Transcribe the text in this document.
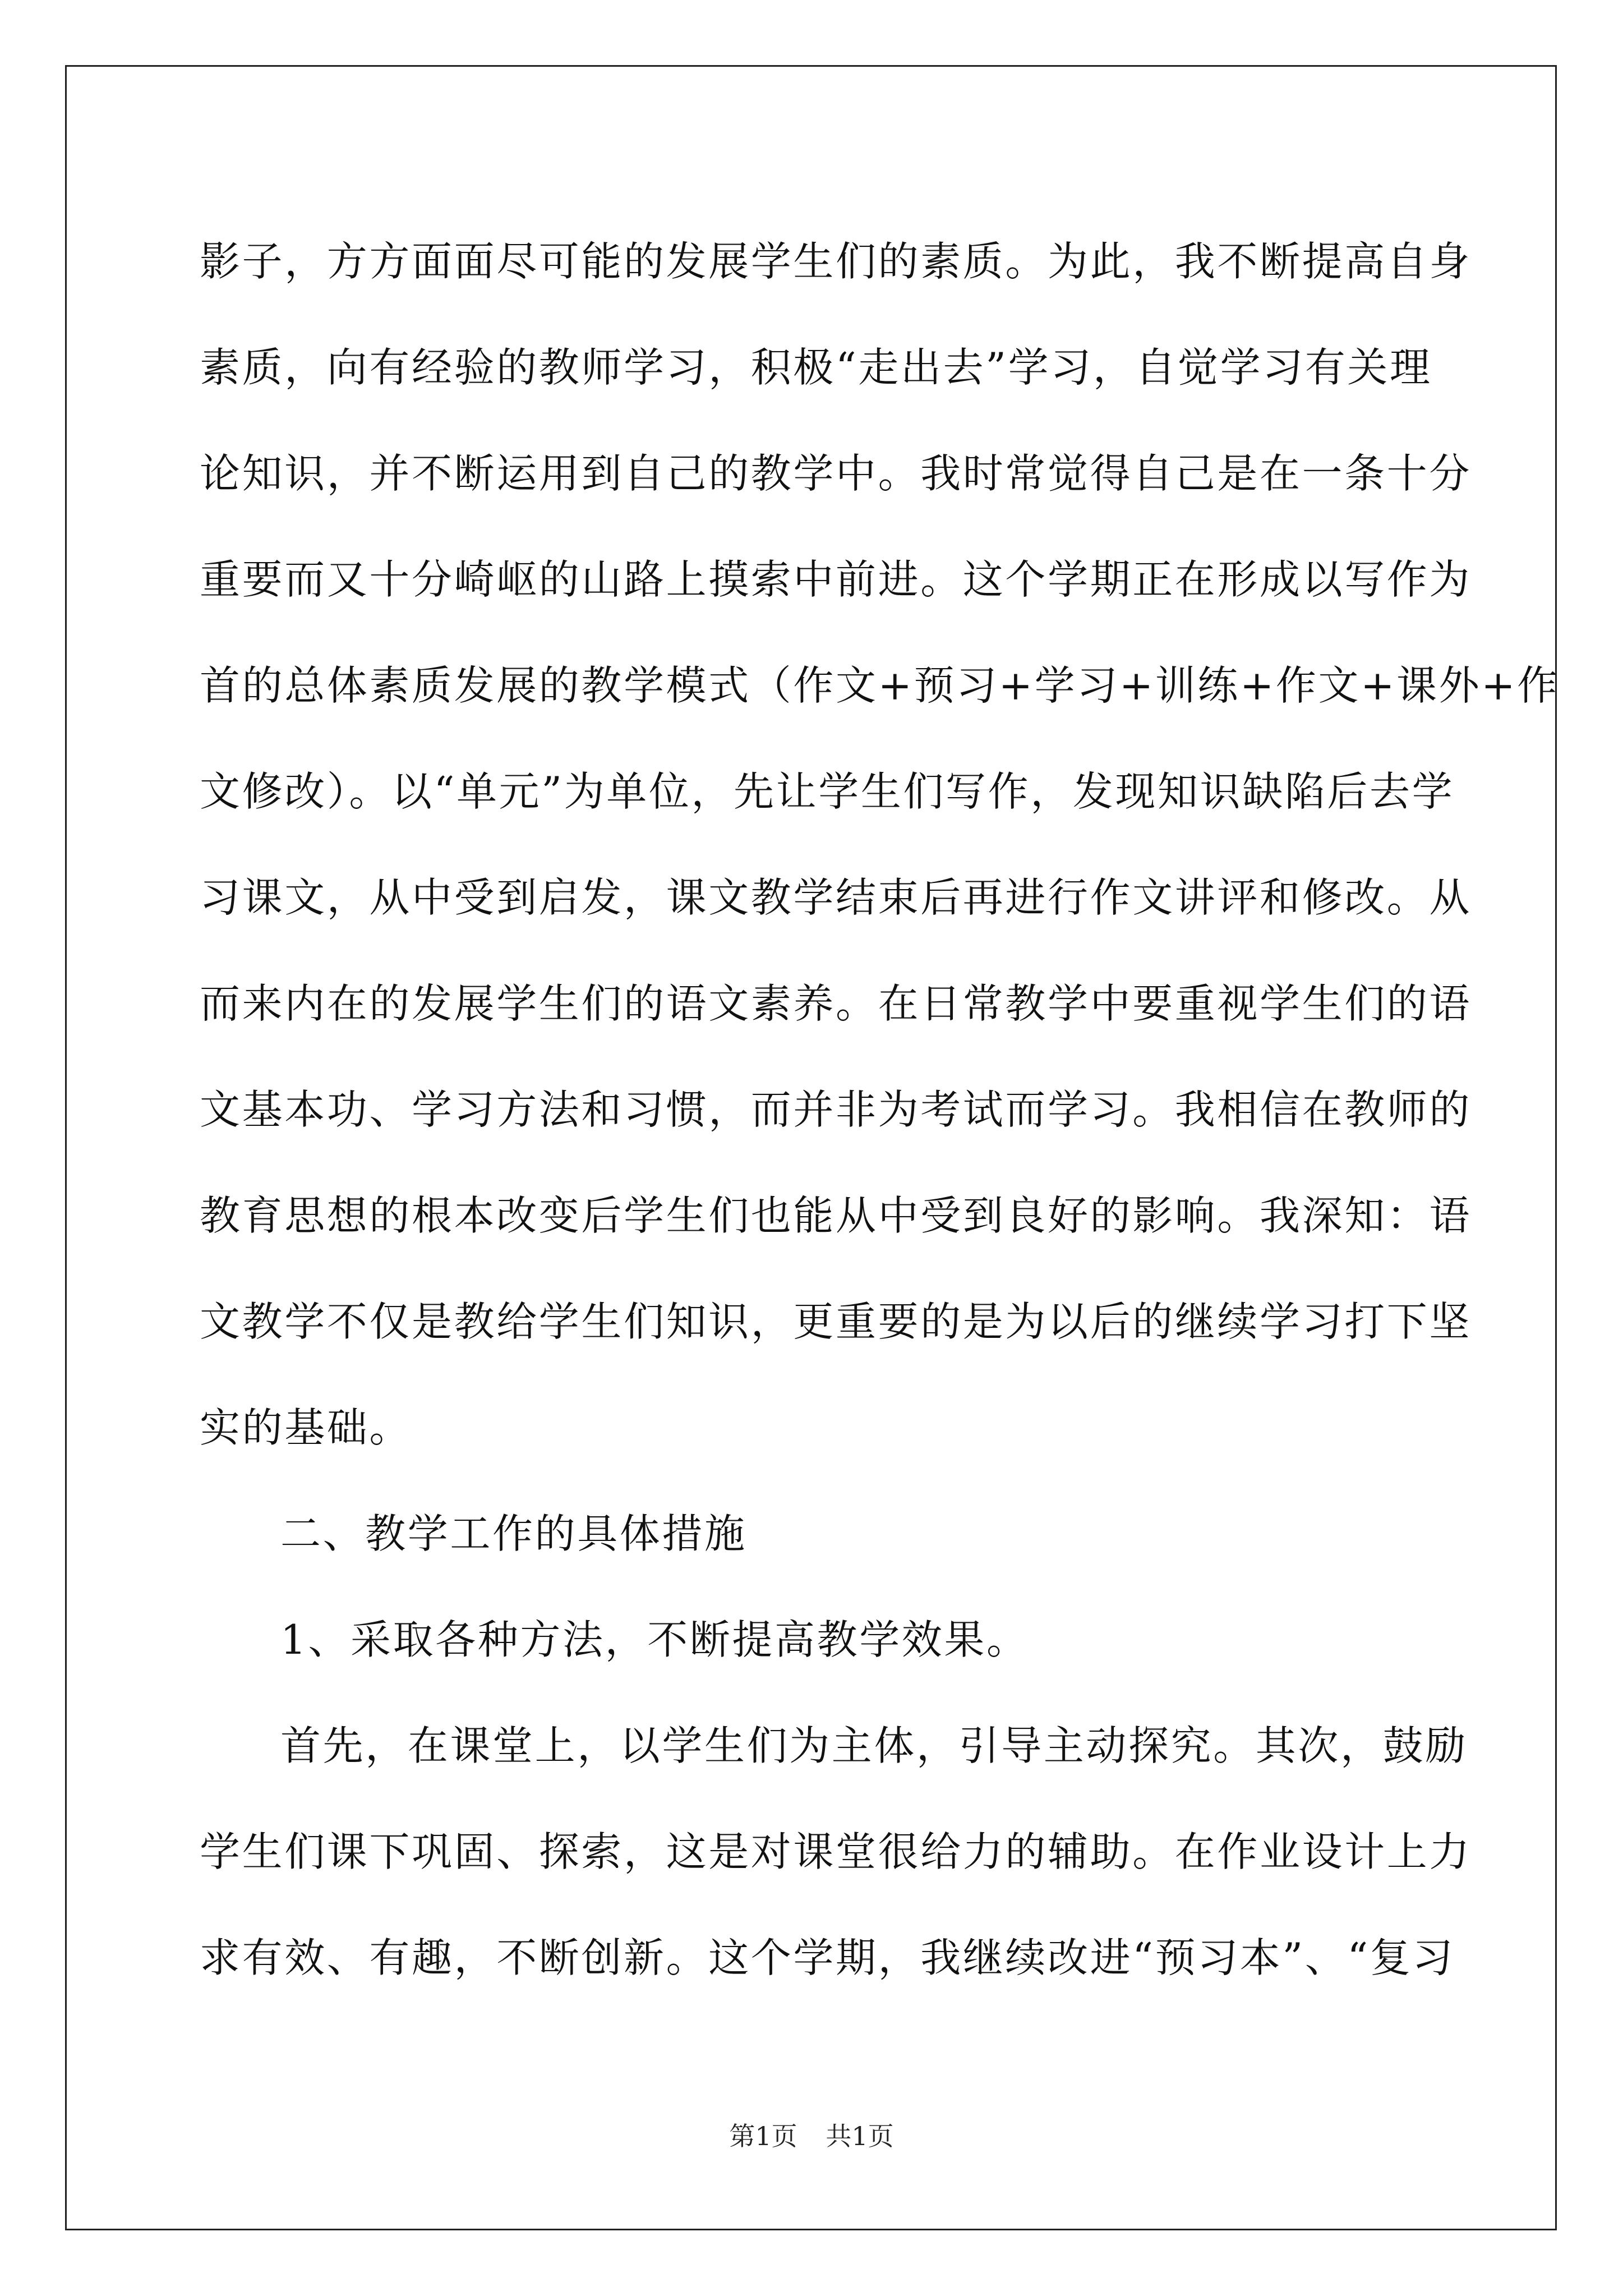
影子，方方面面尽可能的发展学生们的素质。为此，我不断提高自身
素质，向有经验的教师学习，积极“走出去”学习，自觉学习有关理
论知识，并不断运用到自己的教学中。我时常觉得自己是在一条十分
重要而又十分崎岖的山路上摸索中前进。这个学期正在形成以写作为
首的总体素质发展的教学模式（作文+预习+学习+训练+作文+课外+作
文修改）。以“单元”为单位，先让学生们写作，发现知识缺陷后去学
习课文，从中受到启发，课文教学结束后再进行作文讲评和修改。从
而来内在的发展学生们的语文素养。在日常教学中要重视学生们的语
文基本功、学习方法和习惯，而并非为考试而学习。我相信在教师的
教育思想的根本改变后学生们也能从中受到良好的影响。我深知：语
文教学不仅是教给学生们知识，更重要的是为以后的继续学习打下坚
实的基础。

二、教学工作的具体措施

1、采取各种方法，不断提高教学效果。

首先，在课堂上，以学生们为主体，引导主动探究。其次，鼓励
学生们课下巩固、探索，这是对课堂很给力的辅助。在作业设计上力
求有效、有趣，不断创新。这个学期，我继续改进“预习本”、“复习

第1页 共1页
